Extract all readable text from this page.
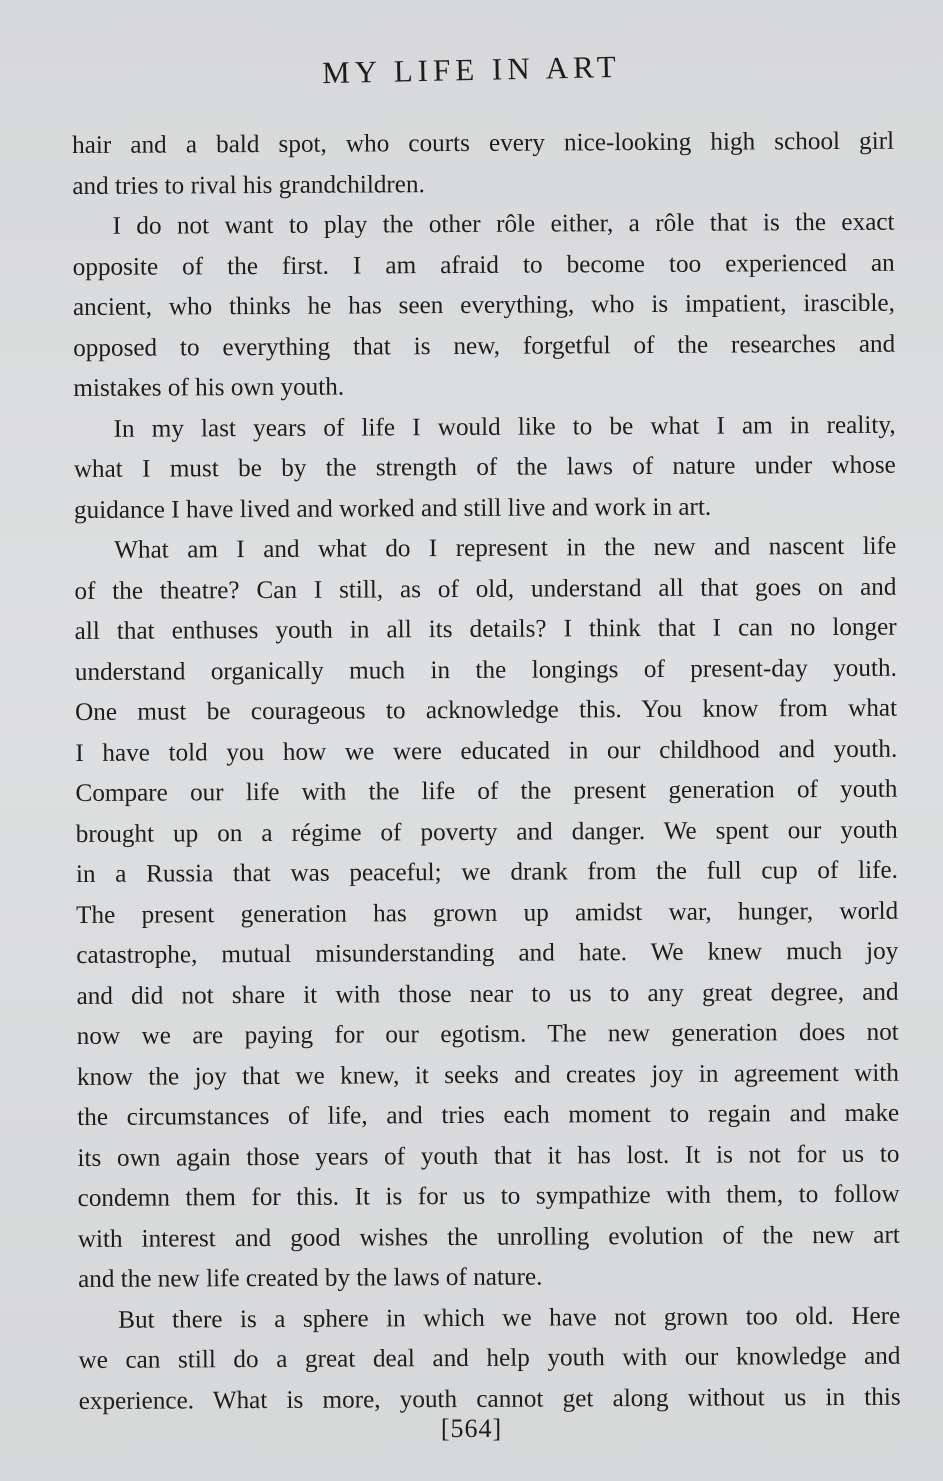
MY LIFE IN ART
hair and a bald spot, who courts every nice-looking high school girl
and tries to rival his grandchildren.
I do not want to play the other rôle either, a rôle that is the exact
opposite of the first. I am afraid to become too experienced an
ancient, who thinks he has seen everything, who is impatient, irascible,
opposed to everything that is new, forgetful of the researches and
mistakes of his own youth.
In my last years of life I would like to be what I am in reality,
what I must be by the strength of the laws of nature under whose
guidance I have lived and worked and still live and work in art.
What am I and what do I represent in the new and nascent life
of the theatre? Can I still, as of old, understand all that goes on and
all that enthuses youth in all its details? I think that I can no longer
understand organically much in the longings of present-day youth.
One must be courageous to acknowledge this. You know from what
I have told you how we were educated in our childhood and youth.
Compare our life with the life of the present generation of youth
brought up on a régime of poverty and danger. We spent our youth
in a Russia that was peaceful; we drank from the full cup of life.
The present generation has grown up amidst war, hunger, world
catastrophe, mutual misunderstanding and hate. We knew much joy
and did not share it with those near to us to any great degree, and
now we are paying for our egotism. The new generation does not
know the joy that we knew, it seeks and creates joy in agreement with
the circumstances of life, and tries each moment to regain and make
its own again those years of youth that it has lost. It is not for us to
condemn them for this. It is for us to sympathize with them, to follow
with interest and good wishes the unrolling evolution of the new art
and the new life created by the laws of nature.
But there is a sphere in which we have not grown too old. Here
we can still do a great deal and help youth with our knowledge and
experience. What is more, youth cannot get along without us in this
[564]
